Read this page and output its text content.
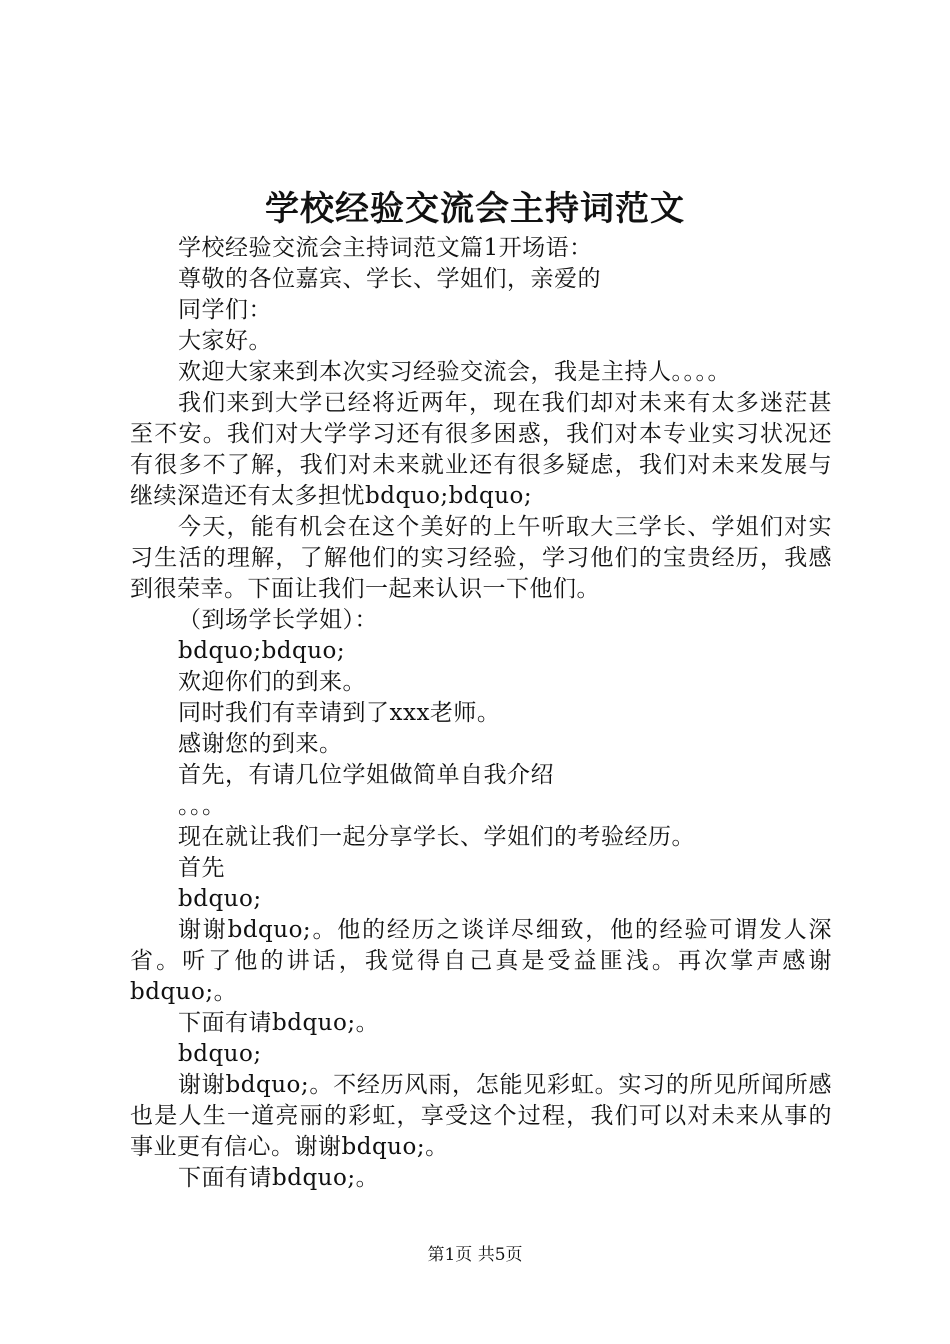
学校经验交流会主持词范文

学校经验交流会主持词范文篇1开场语：

尊敬的各位嘉宾、学长、学姐们，亲爱的

同学们：

大家好。

欢迎大家来到本次实习经验交流会，我是主持人。。。。

我们来到大学已经将近两年，现在我们却对未来有太多迷茫甚至不安。我们对大学学习还有很多困惑，我们对本专业实习状况还有很多不了解，我们对未来就业还有很多疑虑，我们对未来发展与继续深造还有太多担忧bdquo;bdquo;

今天，能有机会在这个美好的上午听取大三学长、学姐们对实习生活的理解，了解他们的实习经验，学习他们的宝贵经历，我感到很荣幸。下面让我们一起来认识一下他们。

（到场学长学姐）：

bdquo;bdquo;

欢迎你们的到来。

同时我们有幸请到了xxx老师。

感谢您的到来。

首先，有请几位学姐做简单自我介绍

。。。

现在就让我们一起分享学长、学姐们的考验经历。

首先

bdquo;

谢谢bdquo;。他的经历之谈详尽细致，他的经验可谓发人深省。听了他的讲话，我觉得自己真是受益匪浅。再次掌声感谢bdquo;。

下面有请bdquo;。

bdquo;

谢谢bdquo;。不经历风雨，怎能见彩虹。实习的所见所闻所感也是人生一道亮丽的彩虹，享受这个过程，我们可以对未来从事的事业更有信心。谢谢bdquo;。

下面有请bdquo;。

第1页 共5页
